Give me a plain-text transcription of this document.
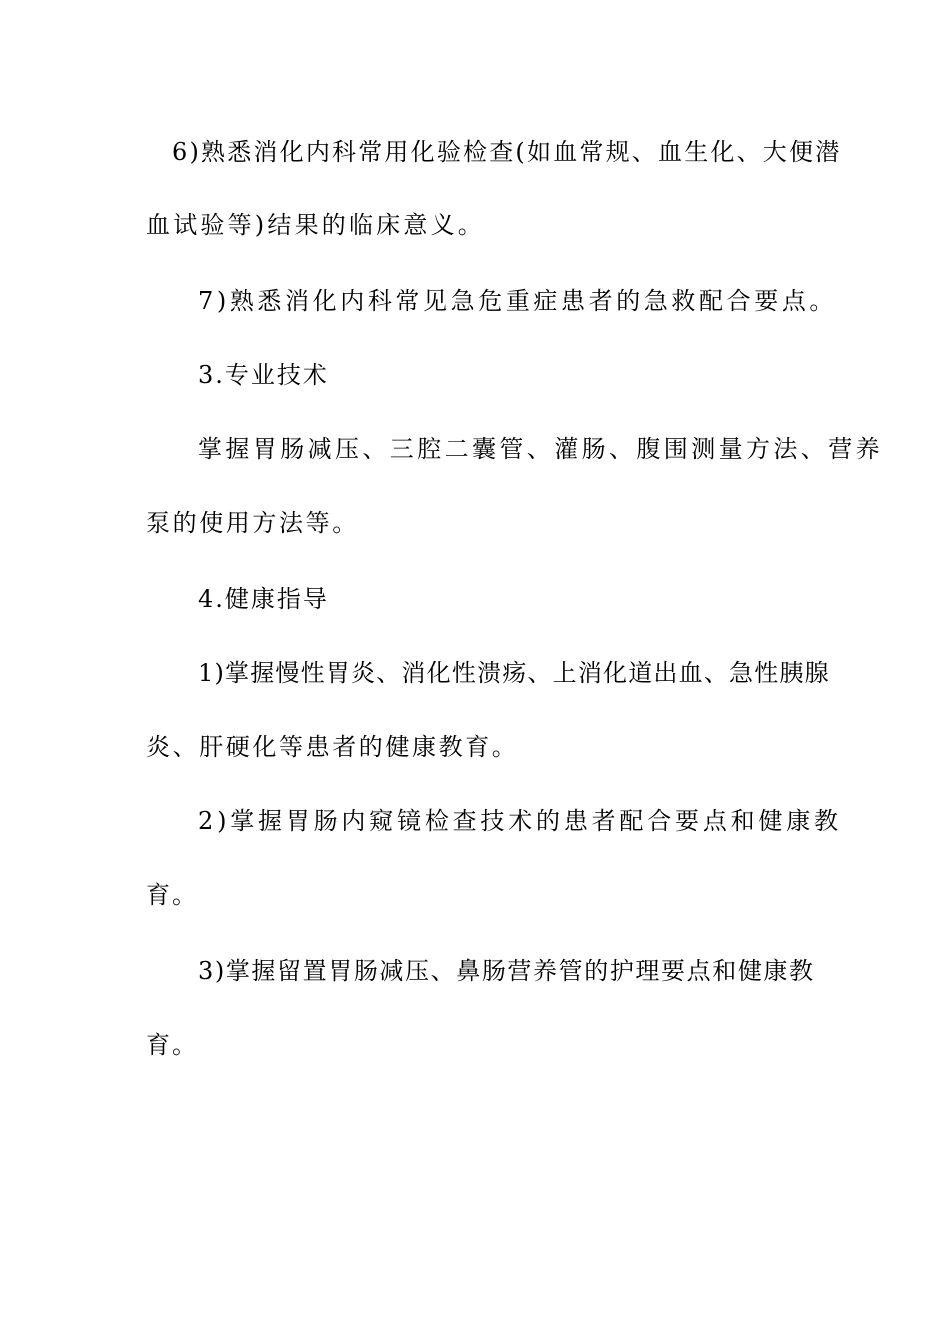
6)熟悉消化内科常用化验检查(如血常规、血生化、大便潜
血试验等)结果的临床意义。
7)熟悉消化内科常见急危重症患者的急救配合要点。
3.专业技术
掌握胃肠减压、三腔二囊管、灌肠、腹围测量方法、营养
泵的使用方法等。
4.健康指导
1)掌握慢性胃炎、消化性溃疡、上消化道出血、急性胰腺
炎、肝硬化等患者的健康教育。
2)掌握胃肠内窥镜检查技术的患者配合要点和健康教
育。
3)掌握留置胃肠减压、鼻肠营养管的护理要点和健康教
育。
